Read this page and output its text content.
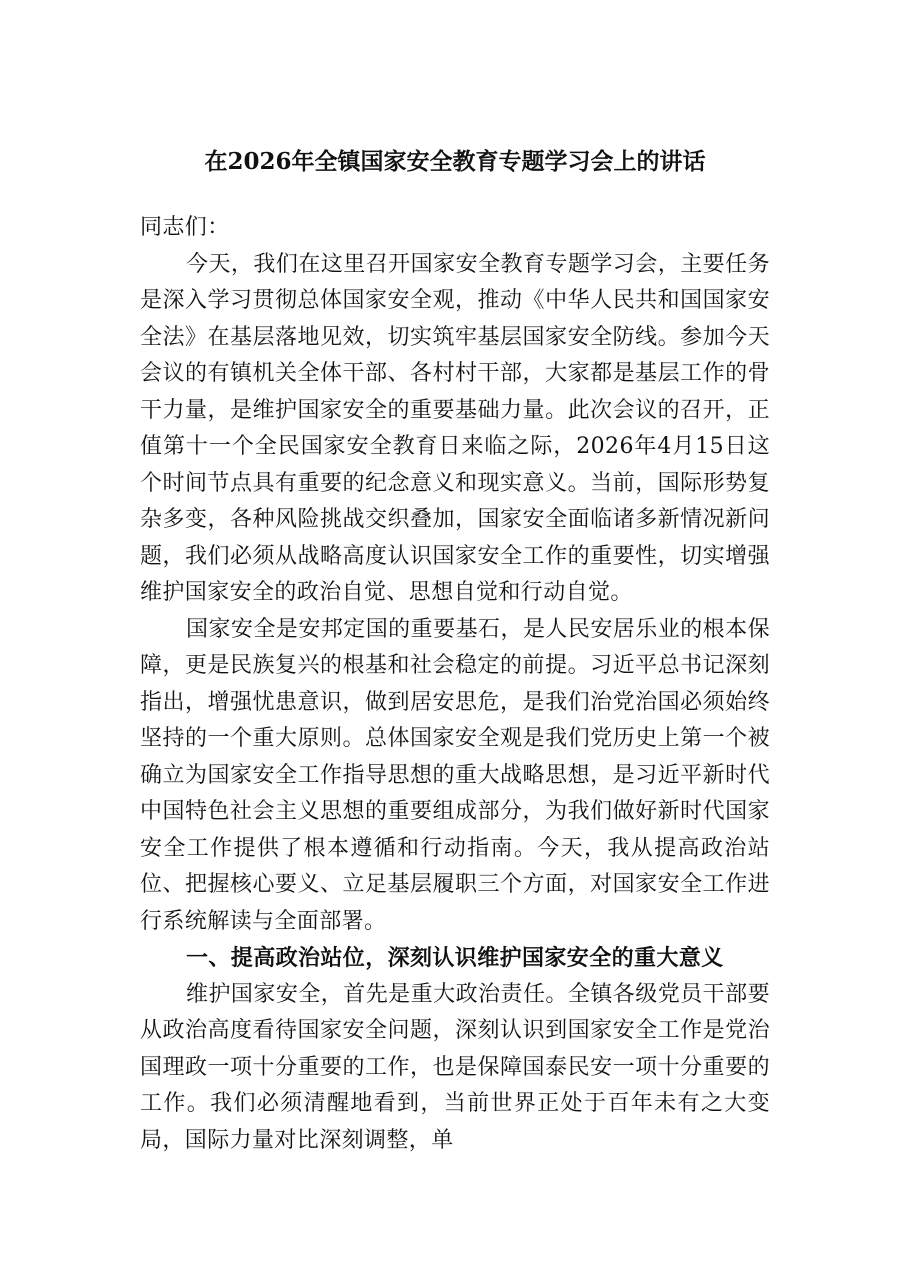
在2026年全镇国家安全教育专题学习会上的讲话

同志们：

今天，我们在这里召开国家安全教育专题学习会，主要任务是深入学习贯彻总体国家安全观，推动《中华人民共和国国家安全法》在基层落地见效，切实筑牢基层国家安全防线。参加今天会议的有镇机关全体干部、各村村干部，大家都是基层工作的骨干力量，是维护国家安全的重要基础力量。此次会议的召开，正值第十一个全民国家安全教育日来临之际，2026年4月15日这个时间节点具有重要的纪念意义和现实意义。当前，国际形势复杂多变，各种风险挑战交织叠加，国家安全面临诸多新情况新问题，我们必须从战略高度认识国家安全工作的重要性，切实增强维护国家安全的政治自觉、思想自觉和行动自觉。

国家安全是安邦定国的重要基石，是人民安居乐业的根本保障，更是民族复兴的根基和社会稳定的前提。习近平总书记深刻指出，增强忧患意识，做到居安思危，是我们治党治国必须始终坚持的一个重大原则。总体国家安全观是我们党历史上第一个被确立为国家安全工作指导思想的重大战略思想，是习近平新时代中国特色社会主义思想的重要组成部分，为我们做好新时代国家安全工作提供了根本遵循和行动指南。今天，我从提高政治站位、把握核心要义、立足基层履职三个方面，对国家安全工作进行系统解读与全面部署。

一、提高政治站位，深刻认识维护国家安全的重大意义

维护国家安全，首先是重大政治责任。全镇各级党员干部要从政治高度看待国家安全问题，深刻认识到国家安全工作是党治国理政一项十分重要的工作，也是保障国泰民安一项十分重要的工作。我们必须清醒地看到，当前世界正处于百年未有之大变局，国际力量对比深刻调整，单
